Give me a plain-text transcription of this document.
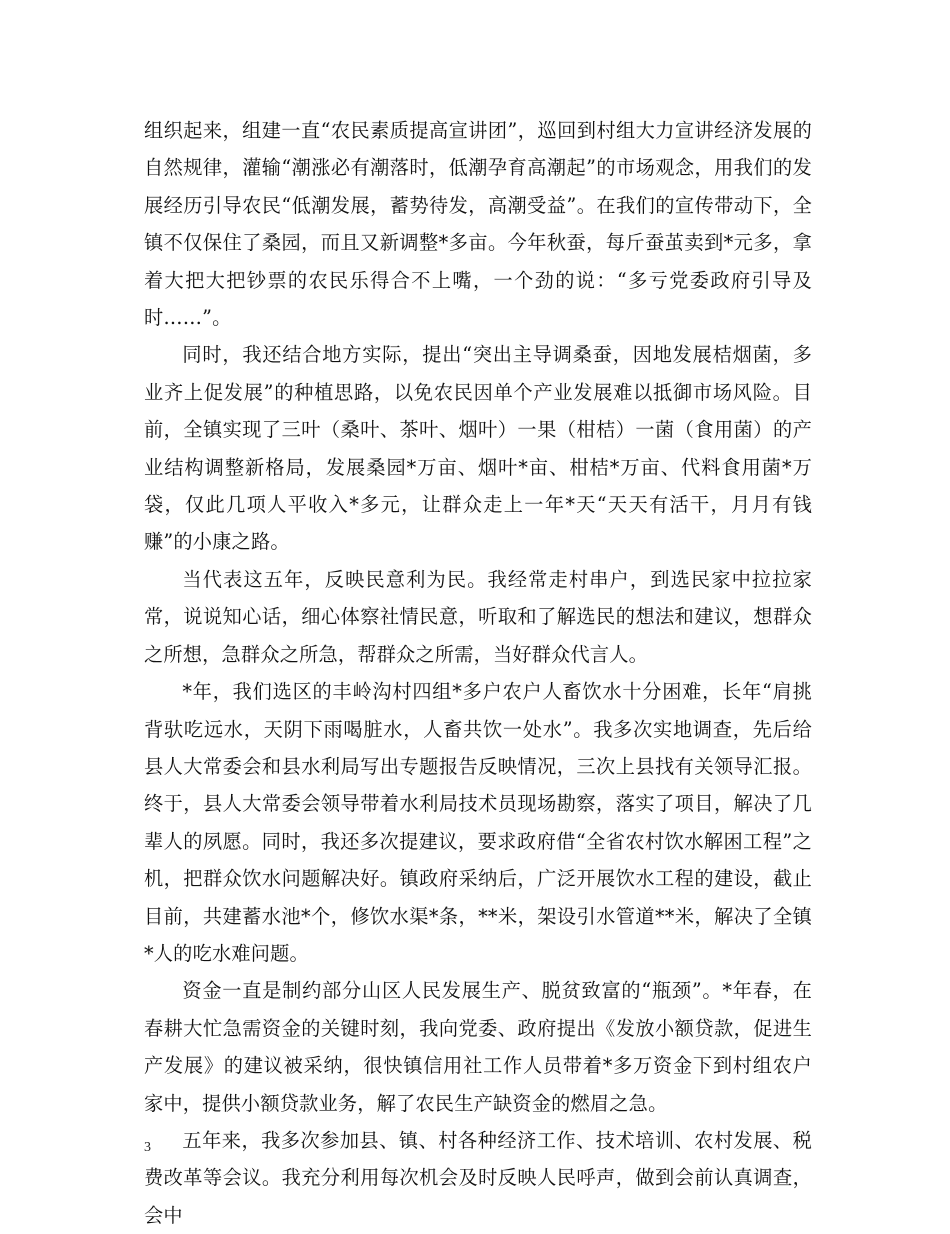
组织起来，组建一直“农民素质提高宣讲团”，巡回到村组大力宣讲经济发展的自然规律，灌输“潮涨必有潮落时，低潮孕育高潮起”的市场观念，用我们的发展经历引导农民“低潮发展，蓄势待发，高潮受益”。在我们的宣传带动下，全镇不仅保住了桑园，而且又新调整*多亩。今年秋蚕，每斤蚕茧卖到*元多，拿着大把大把钞票的农民乐得合不上嘴，一个劲的说：“多亏党委政府引导及时……”。

同时，我还结合地方实际，提出“突出主导调桑蚕，因地发展桔烟菌，多业齐上促发展”的种植思路，以免农民因单个产业发展难以抵御市场风险。目前，全镇实现了三叶（桑叶、茶叶、烟叶）一果（柑桔）一菌（食用菌）的产业结构调整新格局，发展桑园*万亩、烟叶*亩、柑桔*万亩、代料食用菌*万袋，仅此几项人平收入*多元，让群众走上一年*天“天天有活干，月月有钱赚”的小康之路。

当代表这五年，反映民意利为民。我经常走村串户，到选民家中拉拉家常，说说知心话，细心体察社情民意，听取和了解选民的想法和建议，想群众之所想，急群众之所急，帮群众之所需，当好群众代言人。

*年，我们选区的丰岭沟村四组*多户农户人畜饮水十分困难，长年“肩挑背驮吃远水，天阴下雨喝脏水，人畜共饮一处水”。我多次实地调查，先后给县人大常委会和县水利局写出专题报告反映情况，三次上县找有关领导汇报。终于，县人大常委会领导带着水利局技术员现场勘察，落实了项目，解决了几辈人的夙愿。同时，我还多次提建议，要求政府借“全省农村饮水解困工程”之机，把群众饮水问题解决好。镇政府采纳后，广泛开展饮水工程的建设，截止目前，共建蓄水池*个，修饮水渠*条，**米，架设引水管道**米，解决了全镇*人的吃水难问题。

资金一直是制约部分山区人民发展生产、脱贫致富的“瓶颈”。*年春，在春耕大忙急需资金的关键时刻，我向党委、政府提出《发放小额贷款，促进生产发展》的建议被采纳，很快镇信用社工作人员带着*多万资金下到村组农户家中，提供小额贷款业务，解了农民生产缺资金的燃眉之急。

五年来，我多次参加县、镇、村各种经济工作、技术培训、农村发展、税费改革等会议。我充分利用每次机会及时反映人民呼声，做到会前认真调查，会中

3
